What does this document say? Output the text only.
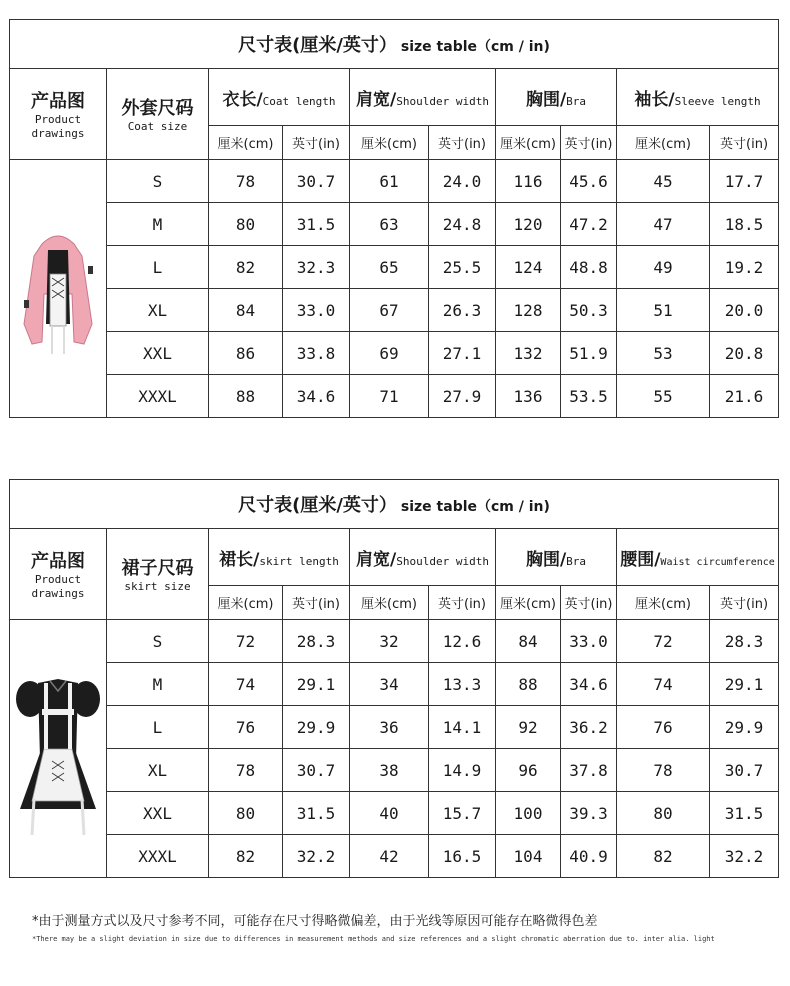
尺寸表(厘米/英寸） size table（cm / in)									

产品图
Product drawings	外套尺码
Coat size	衣长/Coat length		肩宽/Shoulder width		胸围/Bra		袖长/Sleeve length	
		厘米(cm)	英寸(in)	厘米(cm)	英寸(in)	厘米(cm)	英寸(in)	厘米(cm)	英寸(in)

	S	78	30.7	61	24.0	116	45.6	45	17.7
	M	80	31.5	63	24.8	120	47.2	47	18.5
	L	82	32.3	65	25.5	124	48.8	49	19.2
	XL	84	33.0	67	26.3	128	50.3	51	20.0
	XXL	86	33.8	69	27.1	132	51.9	53	20.8
	XXXL	88	34.6	71	27.9	136	53.5	55	21.6
尺寸表(厘米/英寸） size table（cm / in)									

产品图
Product drawings	裙子尺码
skirt size	裙长/skirt length		肩宽/Shoulder width		胸围/Bra		腰围/Waist circumference	
		厘米(cm)	英寸(in)	厘米(cm)	英寸(in)	厘米(cm)	英寸(in)	厘米(cm)	英寸(in)

	S	72	28.3	32	12.6	84	33.0	72	28.3
	M	74	29.1	34	13.3	88	34.6	74	29.1
	L	76	29.9	36	14.1	92	36.2	76	29.9
	XL	78	30.7	38	14.9	96	37.8	78	30.7
	XXL	80	31.5	40	15.7	100	39.3	80	31.5
	XXXL	82	32.2	42	16.5	104	40.9	82	32.2
*由于测量方式以及尺寸参考不同，可能存在尺寸得略微偏差，由于光线等原因可能存在略微得色差
*There may be a slight deviation in size due to differences in measurement methods and size references and a slight chromatic aberration due to. inter alia. light
